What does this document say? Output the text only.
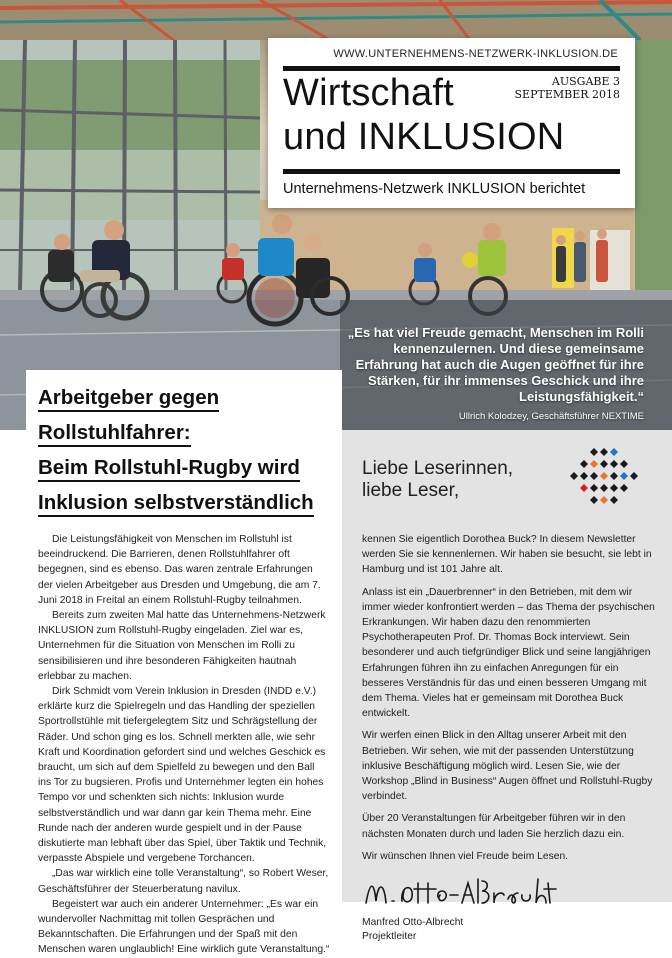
WWW.UNTERNEHMENS-NETZWERK-INKLUSION.DE
Wirtschaft
und INKLUSION
AUSGABE 3
SEPTEMBER 2018
Unternehmens-Netzwerk INKLUSION berichtet
„Es hat viel Freude gemacht, Menschen im Rolli kennenzulernen. Und diese gemeinsame Erfahrung hat auch die Augen geöffnet für ihre Stärken, für ihr immenses Geschick und ihre Leistungsfähigkeit.“
Ullrich Kolodzey, Geschäftsführer NEXTIME
Arbeitgeber gegen
Rollstuhlfahrer:
Beim Rollstuhl-Rugby wird
Inklusion selbstverständlich

Die Leistungsfähigkeit von Menschen im Rollstuhl ist beeindruckend. Die Barrieren, denen Rollstuhlfahrer oft begegnen, sind es ebenso. Das waren zentrale Erfahrungen der vielen Arbeitgeber aus Dresden und Umgebung, die am 7. Juni 2018 in Freital an einem Rollstuhl-Rugby teilnahmen.

Bereits zum zweiten Mal hatte das Unternehmens-Netzwerk INKLUSION zum Rollstuhl-Rugby eingeladen. Ziel war es, Unternehmen für die Situation von Menschen im Rolli zu sensibilisieren und ihre besonderen Fähigkeiten hautnah erlebbar zu machen.

Dirk Schmidt vom Verein Inklusion in Dresden (INDD e.V.) erklärte kurz die Spielregeln und das Handling der speziellen Sportrollstühle mit tiefergelegtem Sitz und Schrägstellung der Räder. Und schon ging es los. Schnell merkten alle, wie sehr Kraft und Koordination gefordert sind und welches Geschick es braucht, um sich auf dem Spielfeld zu bewegen und den Ball ins Tor zu bugsieren. Profis und Unternehmer legten ein hohes Tempo vor und schenkten sich nichts: Inklusion wurde selbstverständlich und war dann gar kein Thema mehr. Eine Runde nach der anderen wurde gespielt und in der Pause diskutierte man lebhaft über das Spiel, über Taktik und Technik, verpasste Abspiele und vergebene Torchancen.

„Das war wirklich eine tolle Veranstaltung“, so Robert Weser, Geschäftsführer der Steuerberatung navilux.

Begeistert war auch ein anderer Unternehmer: „Es war ein wundervoller Nachmittag mit tollen Gesprächen und Bekanntschaften. Die Erfahrungen und der Spaß mit den Menschen waren unglaublich! Eine wirklich gute Veranstaltung.“

Liebe Leserinnen,
liebe Leser,

kennen Sie eigentlich Dorothea Buck? In diesem Newsletter werden Sie sie kennenlernen. Wir haben sie besucht, sie lebt in Hamburg und ist 101 Jahre alt.

Anlass ist ein „Dauerbrenner“ in den Betrieben, mit dem wir immer wieder konfrontiert werden – das Thema der psychischen Erkrankungen. Wir haben dazu den renommierten Psychotherapeuten Prof. Dr. Thomas Bock interviewt. Sein besonderer und auch tiefgründiger Blick und seine langjährigen Erfahrungen führen ihn zu einfachen Anregungen für ein besseres Verständnis für das und einen besseren Umgang mit dem Thema. Vieles hat er gemeinsam mit Dorothea Buck entwickelt.

Wir werfen einen Blick in den Alltag unserer Arbeit mit den Betrieben. Wir sehen, wie mit der passenden Unterstützung inklusive Beschäftigung möglich wird. Lesen Sie, wie der Workshop „Blind in Business“ Augen öffnet und Rollstuhl-Rugby verbindet.

Über 20 Veranstaltungen für Arbeitgeber führen wir in den nächsten Monaten durch und laden Sie herzlich dazu ein.

Wir wünschen Ihnen viel Freude beim Lesen.

Manfred Otto-Albrecht
Projektleiter
